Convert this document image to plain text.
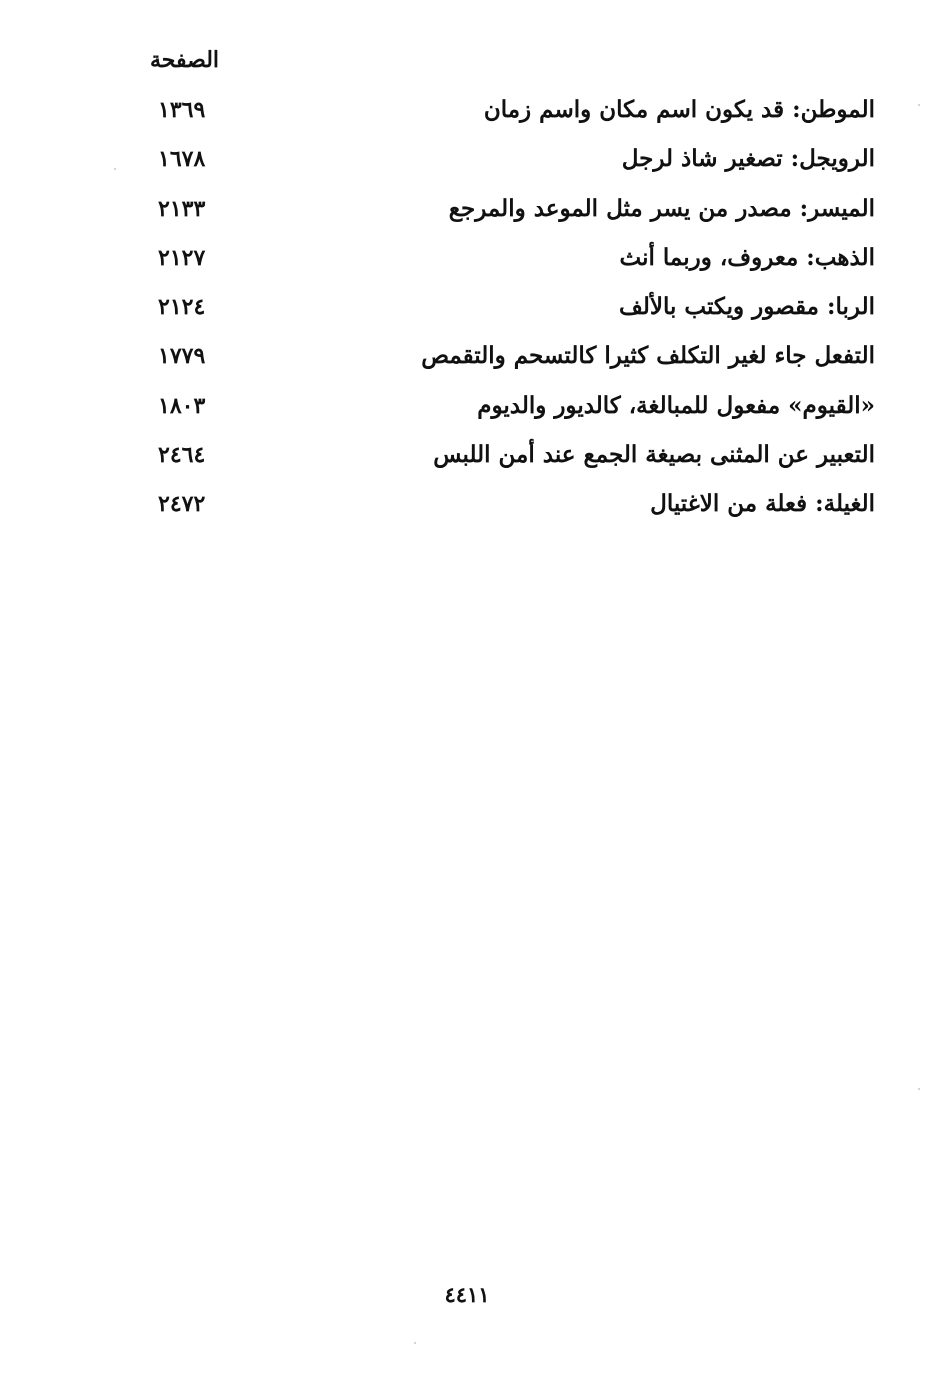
الصفحة
الموطن: قد يكون اسم مكان واسم زمان
١٣٦٩
الرويجل: تصغير شاذ لرجل
١٦٧٨
الميسر: مصدر من يسر مثل الموعد والمرجع
٢١٣٣
الذهب: معروف، وربما أنث
٢١٢٧
الربا: مقصور ويكتب بالألف
٢١٢٤
التفعل جاء لغير التكلف كثيرا كالتسحم والتقمص
١٧٧٩
«القيوم» مفعول للمبالغة، كالديور والديوم
١٨٠٣
التعبير عن المثنى بصيغة الجمع عند أمن اللبس
٢٤٦٤
الغيلة: فعلة من الاغتيال
٢٤٧٢
٤٤١١
